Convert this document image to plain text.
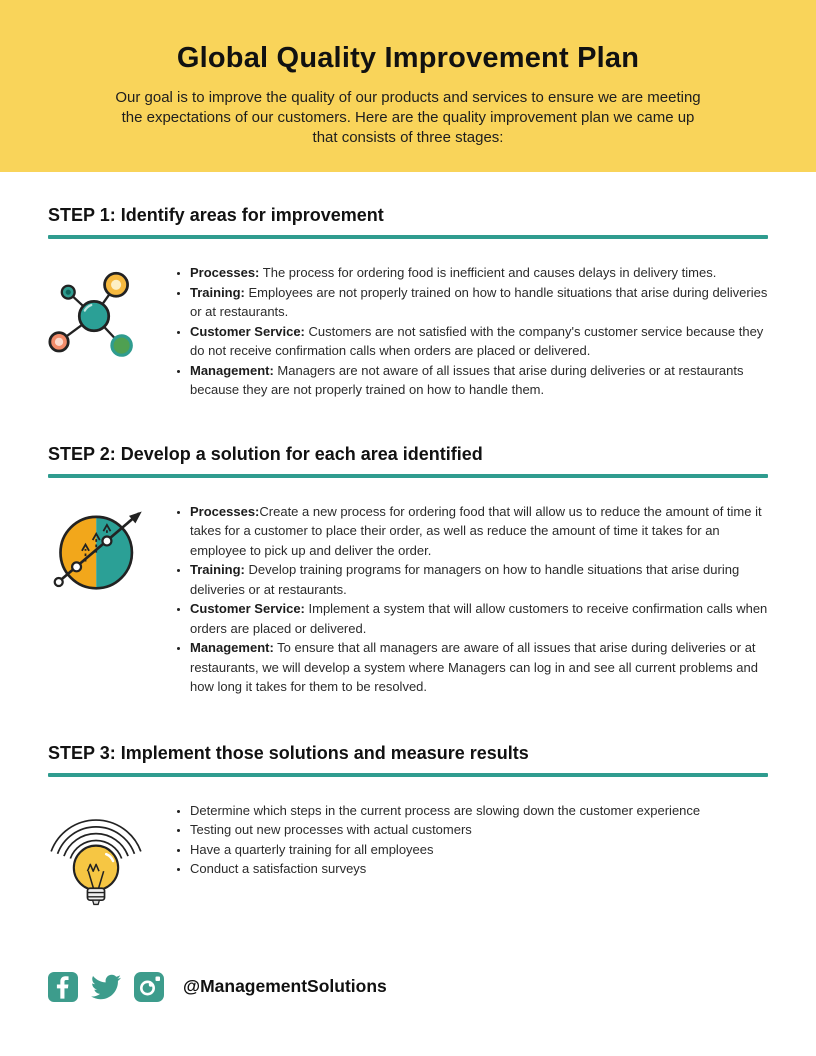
Global Quality Improvement Plan

Our goal is to improve the quality of our products and services to ensure we are meeting the expectations of our customers. Here are the quality improvement plan we came up that consists of three stages:

STEP 1: Identify areas for improvement
• Processes: The process for ordering food is inefficient and causes delays in delivery times.
• Training: Employees are not properly trained on how to handle situations that arise during deliveries or at restaurants.
• Customer Service: Customers are not satisfied with the company's customer service because they do not receive confirmation calls when orders are placed or delivered.
• Management: Managers are not aware of all issues that arise during deliveries or at restaurants because they are not properly trained on how to handle them.
STEP 2: Develop a solution for each area identified
• Processes:Create a new process for ordering food that will allow us to reduce the amount of time it takes for a customer to place their order, as well as reduce the amount of time it takes for an employee to pick up and deliver the order.
• Training: Develop training programs for managers on how to handle situations that arise during deliveries or at restaurants.
• Customer Service: Implement a system that will allow customers to receive confirmation calls when orders are placed or delivered.
• Management: To ensure that all managers are aware of all issues that arise during deliveries or at restaurants, we will develop a system where Managers can log in and see all current problems and how long it takes for them to be resolved.
STEP 3: Implement those solutions and measure results
• Determine which steps in the current process are slowing down the customer experience
• Testing out new processes with actual customers
• Have a quarterly training for all employees
• Conduct a satisfaction surveys
@ManagementSolutions
